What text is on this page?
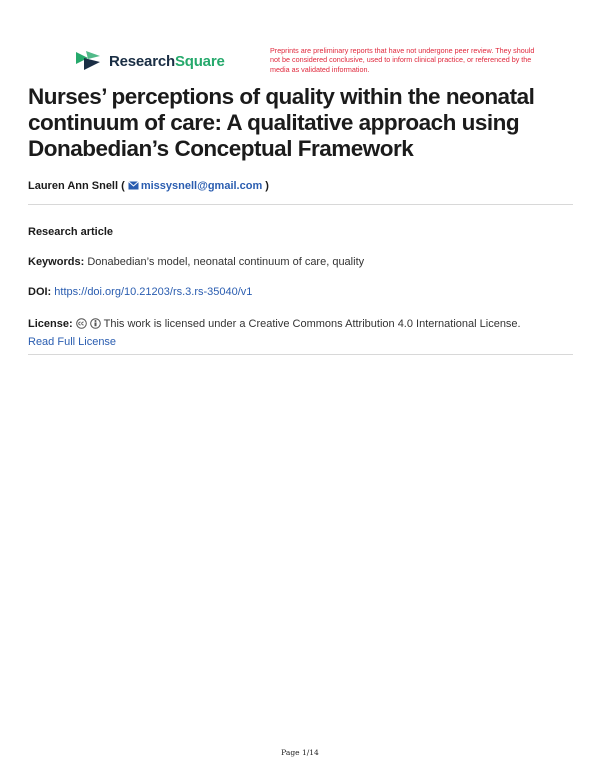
ResearchSquare
Preprints are preliminary reports that have not undergone peer review. They should not be considered conclusive, used to inform clinical practice, or referenced by the media as validated information.
Nurses’ perceptions of quality within the neonatal continuum of care: A qualitative approach using Donabedian’s Conceptual Framework
Lauren Ann Snell ( missysnell@gmail.com )
Research article
Keywords: Donabedian’s model, neonatal continuum of care, quality
DOI: https://doi.org/10.21203/rs.3.rs-35040/v1
License:	This work is licensed under a Creative Commons Attribution 4.0 International License.
Read Full License
Page 1/14
